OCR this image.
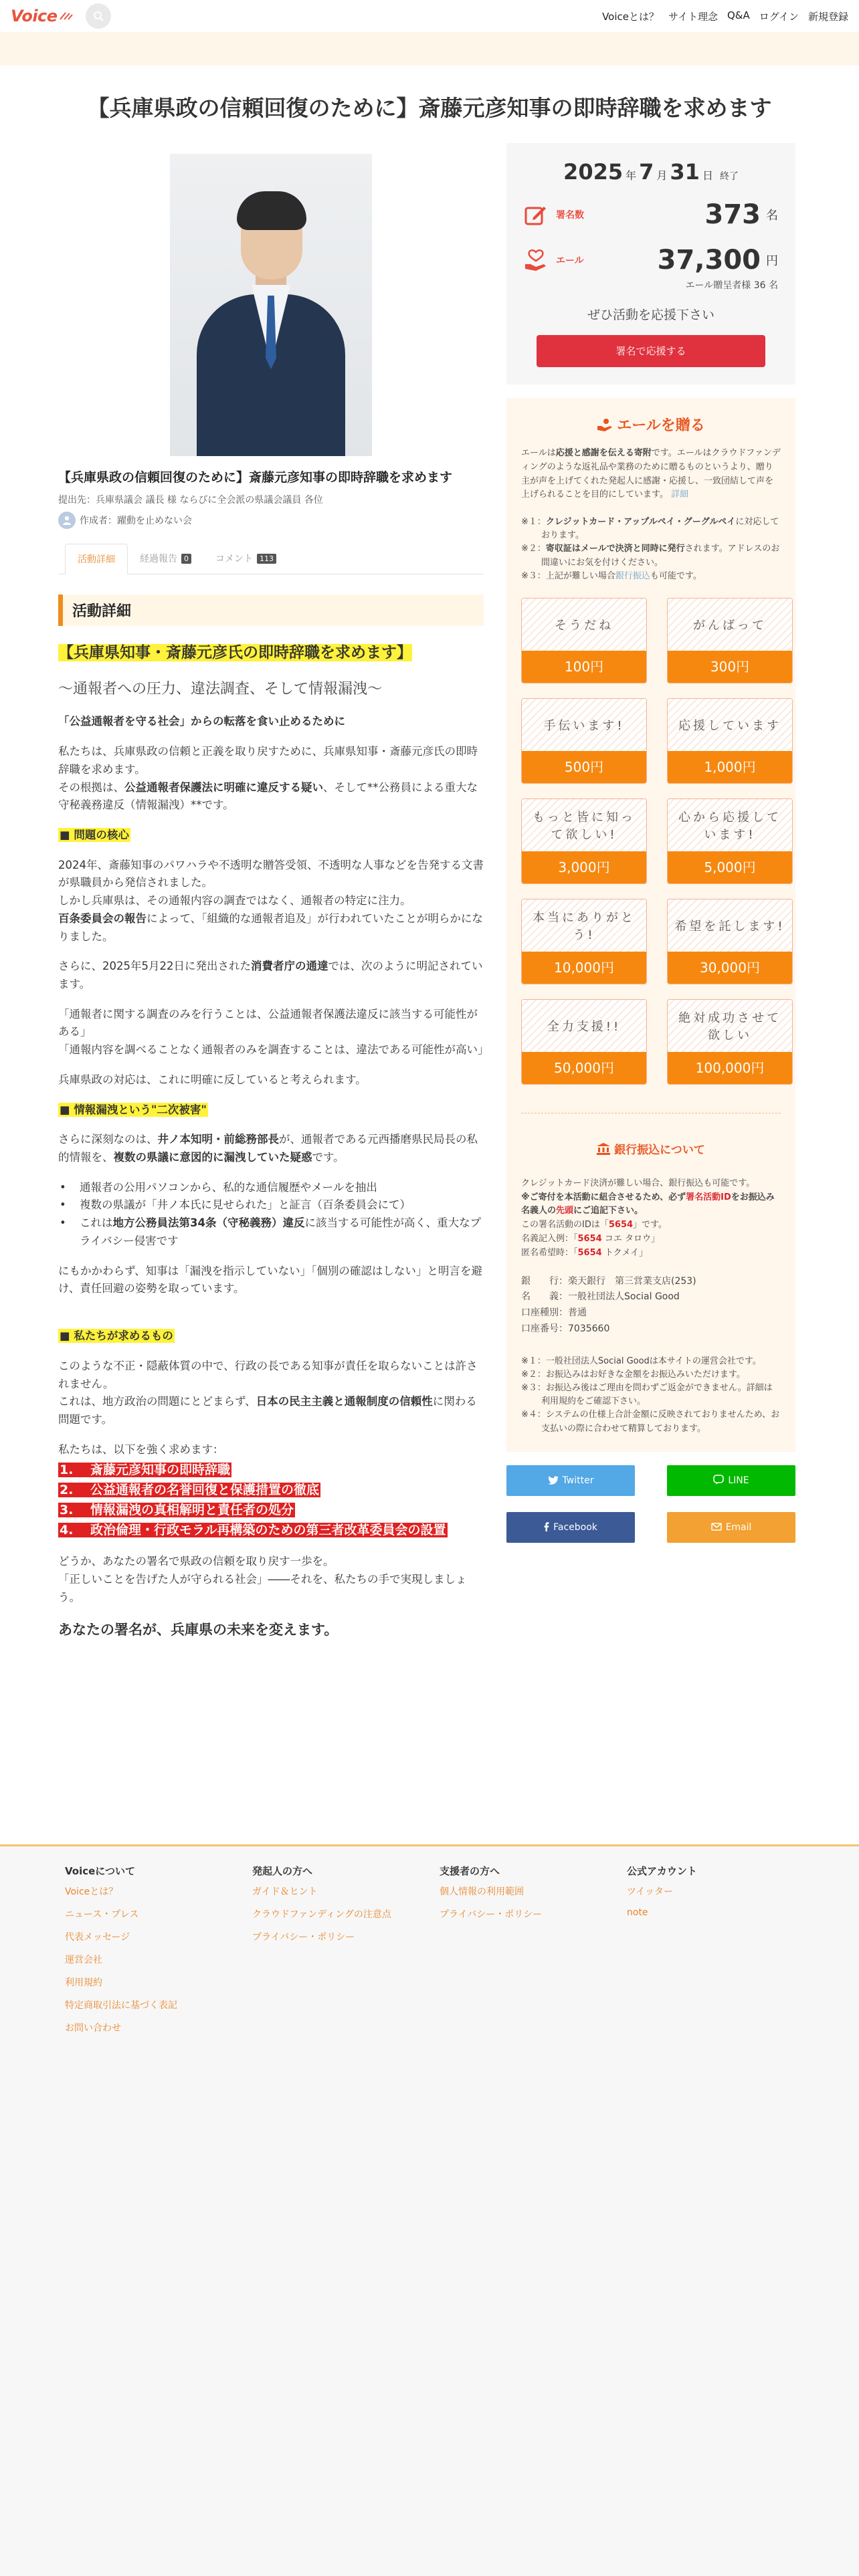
Voice	Voiceとは？ サイト理念 Q&A ログイン 新規登録
【兵庫県政の信頼回復のために】斎藤元彦知事の即時辞職を求めます
【兵庫県政の信頼回復のために】斎藤元彦知事の即時辞職を求めます
提出先：兵庫県議会 議長 様 ならびに全会派の県議会議員 各位
作成者：躍動を止めない会
活動詳細	経過報告 0	コメント 113
活動詳細

【兵庫県知事・斎藤元彦氏の即時辞職を求めます】

〜通報者への圧力、違法調査、そして情報漏洩〜

「公益通報者を守る社会」からの転落を食い止めるために

私たちは、兵庫県政の信頼と正義を取り戻すために、兵庫県知事・斎藤元彦氏の即時辞職を求めます。
その根拠は、公益通報者保護法に明確に違反する疑い、そして**公務員による重大な守秘義務違反（情報漏洩）**です。

■ 問題の核心

2024年、斎藤知事のパワハラや不透明な贈答受領、不透明な人事などを告発する文書が県職員から発信されました。
しかし兵庫県は、その通報内容の調査ではなく、通報者の特定に注力。
百条委員会の報告によって、「組織的な通報者追及」が行われていたことが明らかになりました。

さらに、2025年5月22日に発出された消費者庁の通達では、次のように明記されています。

「通報者に関する調査のみを行うことは、公益通報者保護法違反に該当する可能性がある」
「通報内容を調べることなく通報者のみを調査することは、違法である可能性が高い」

兵庫県政の対応は、これに明確に反していると考えられます。

■ 情報漏洩という"二次被害"

さらに深刻なのは、井ノ本知明・前総務部長が、通報者である元西播磨県民局長の私的情報を、複数の県議に意図的に漏洩していた疑惑です。

• 通報者の公用パソコンから、私的な通信履歴やメールを抽出
• 複数の県議が「井ノ本氏に見せられた」と証言（百条委員会にて）
• これは地方公務員法第34条（守秘義務）違反に該当する可能性が高く、重大なプライバシー侵害です

にもかかわらず、知事は「漏洩を指示していない」「個別の確認はしない」と明言を避け、責任回避の姿勢を取っています。

■ 私たちが求めるもの

このような不正・隠蔽体質の中で、行政の長である知事が責任を取らないことは許されません。
これは、地方政治の問題にとどまらず、日本の民主主義と通報制度の信頼性に関わる問題です。

私たちは、以下を強く求めます：

1.　 斎藤元彦知事の即時辞職
2.　 公益通報者の名誉回復と保護措置の徹底
3.　 情報漏洩の真相解明と責任者の処分
4.　 政治倫理・行政モラル再構築のための第三者改革委員会の設置

どうか、あなたの署名で県政の信頼を取り戻す一歩を。
「正しいことを告げた人が守られる社会」――それを、私たちの手で実現しましょう。

あなたの署名が、兵庫県の未来を変えます。

2025 年 7 月 31 日 終了
署名数	373 名
エール	37,300 円
エール贈呈者様 36 名
ぜひ活動を応援下さい
署名で応援する
エールを贈る
エールは応援と感謝を伝える寄附です。エールはクラウドファンディングのような返礼品や業務のために贈るものというより、贈り主が声を上げてくれた発起人に感謝・応援し、一致団結して声を上げられることを目的にしています。 詳細
※１：クレジットカード・アップルペイ・グーグルペイに対応しております。
※２：寄収証はメールで決済と同時に発行されます。アドレスのお間違いにお気を付けください。
※３：上記が難しい場合銀行振込も可能です。
そうだね
100円
がんばって
300円
手伝います!
500円
応援しています
1,000円
もっと皆に知って欲しい!
3,000円
心から応援しています!
5,000円
本当にありがとう!
10,000円
希望を託します!
30,000円
全力支援!!
50,000円
絶対成功させて欲しい
100,000円
銀行振込について
クレジットカード決済が難しい場合、銀行振込も可能です。
※ご寄付を本活動に紐合させるため、必ず署名活動IDをお振込み名義人の先頭にご追記下さい。
この署名活動のIDは「5654」です。
名義記入例：「5654 コエ タロウ」
匿名希望時：「5654 トクメイ」
銀　　行：楽天銀行　第三営業支店(253)
名　　義：一般社団法人Social Good
口座種別：普通
口座番号：7035660
※１：一般社団法人Social Goodは本サイトの運営会社です。
※２：お振込みはお好きな金額をお振込みいただけます。
※３：お振込み後はご理由を問わずご返金ができません。詳細は利用規約をご確認下さい。
※４：システムの仕様上合計金額に反映されておりませんため、お支払いの際に合わせて精算しております。
Twitter	LINE
Facebook	Email
Voiceについて
Voiceとは？
ニュース・プレス
代表メッセージ
運営会社
利用規約
特定商取引法に基づく表記
お問い合わせ
発起人の方へ
ガイド＆ヒント
クラウドファンディングの注意点
プライバシー・ポリシー
支援者の方へ
個人情報の利用範囲
プライバシー・ポリシー
公式アカウント
ツイッター
note
